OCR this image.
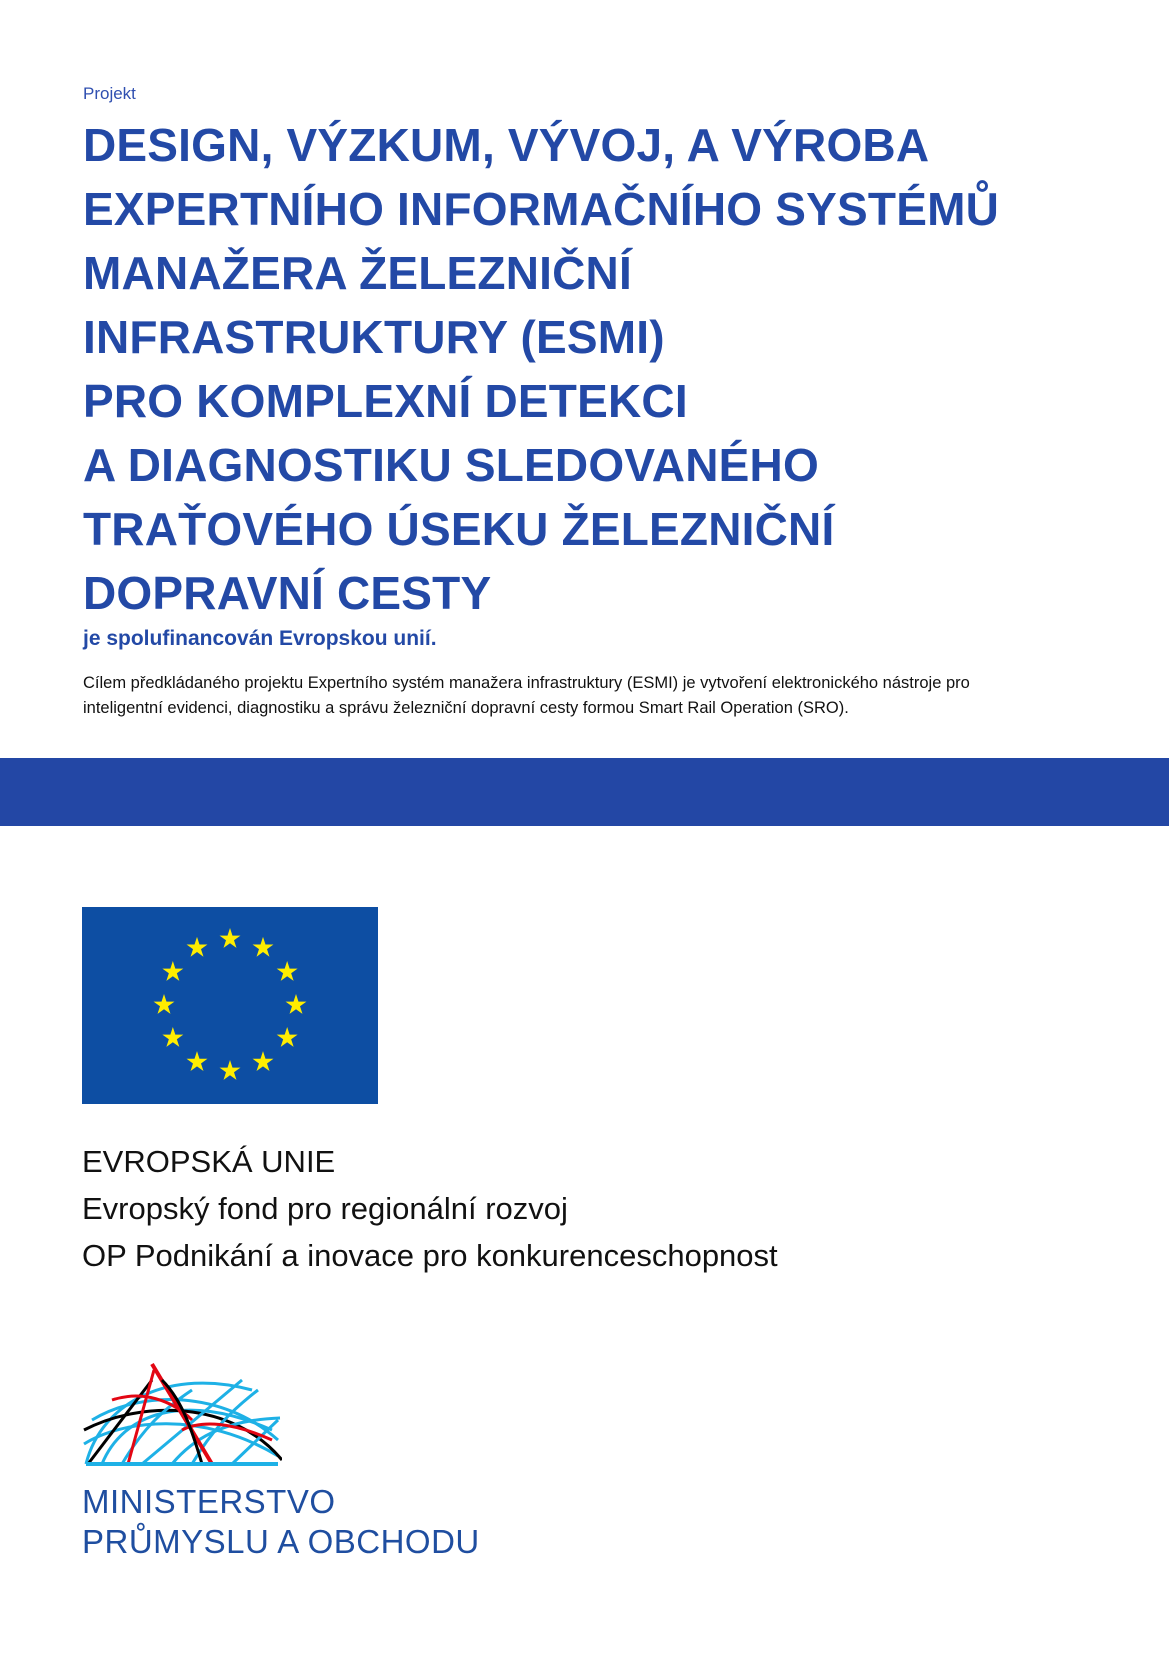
Projekt
DESIGN, VÝZKUM, VÝVOJ, A VÝROBA
EXPERTNÍHO INFORMAČNÍHO SYSTÉMŮ
MANAŽERA ŽELEZNIČNÍ
INFRASTRUKTURY (ESMI)
PRO KOMPLEXNÍ DETEKCI
A DIAGNOSTIKU SLEDOVANÉHO
TRAŤOVÉHO ÚSEKU ŽELEZNIČNÍ
DOPRAVNÍ CESTY
je spolufinancován Evropskou unií.
Cílem předkládaného projektu Expertního systém manažera infrastruktury (ESMI) je vytvoření elektronického nástroje pro inteligentní evidenci, diagnostiku a správu železniční dopravní cesty formou Smart Rail Operation (SRO).
EVROPSKÁ UNIE
Evropský fond pro regionální rozvoj
OP Podnikání a inovace pro konkurenceschopnost
MINISTERSTVO
PRŮMYSLU A OBCHODU
